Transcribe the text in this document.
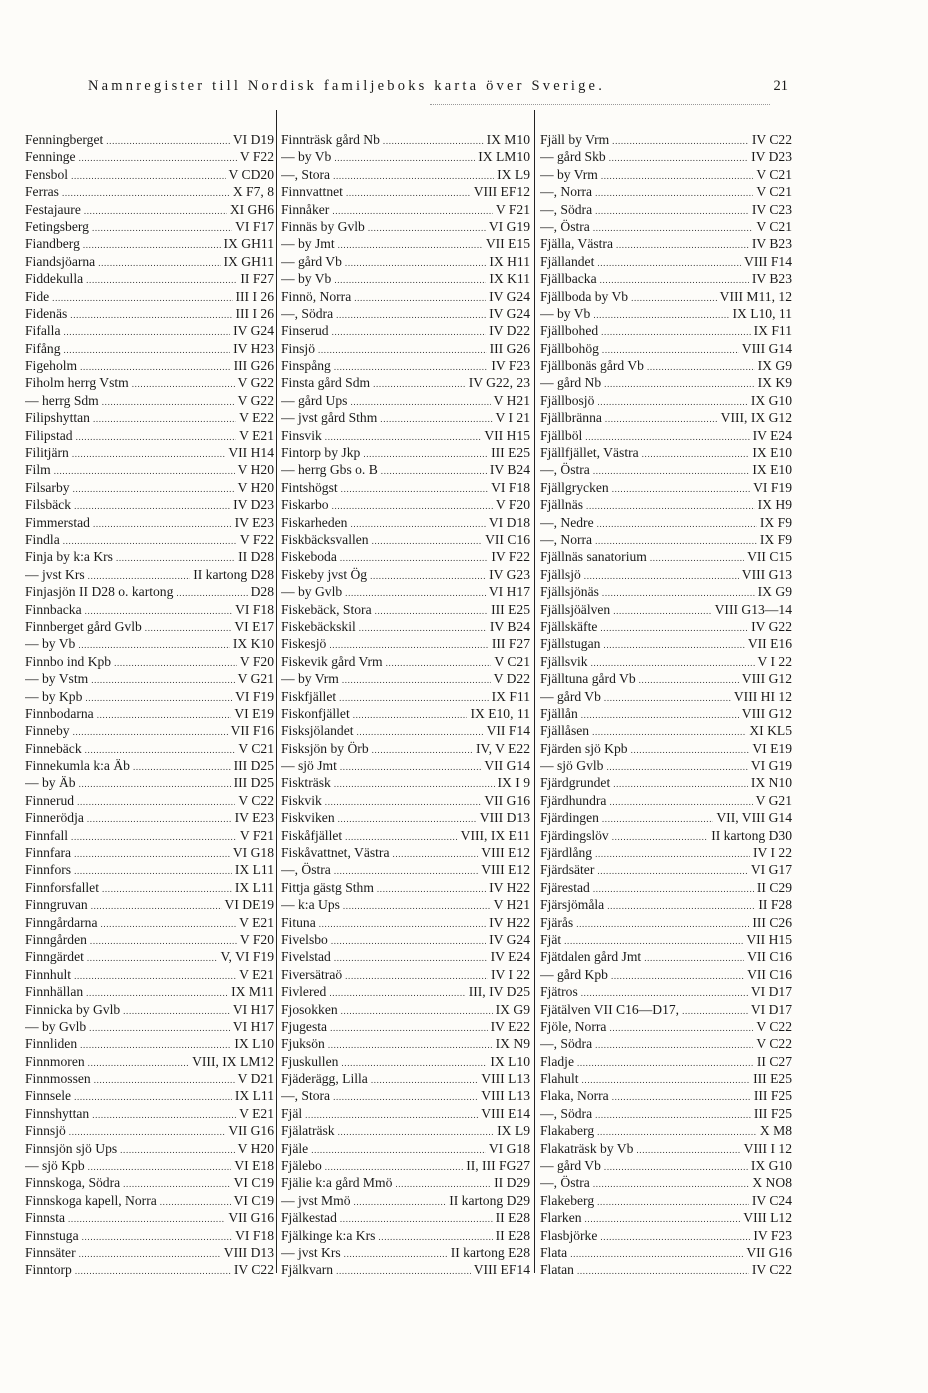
Namnregister till Nordisk familjeboks karta över Sverige.	21
Fenningberget . . .	VI D19
Fenninge . . .	V F22
Fensbol . . .	V CD20
Ferras . . .	X F7, 8
Festajaure . . .	XI GH6
Fetingsberg . . .	VI F17
Fiandberg . . .	IX GH11
Fiandsjöarna . . .	IX GH11
Fiddekulla . . .	II F27
Fide . . .	III I 26
Fidenäs . . .	III I 26
Fifalla . . .	IV G24
Fifång . . .	IV H23
Figeholm . . .	III G26
Fiholm herrg Vstm . . .	V G22
— herrg Sdm . . .	V G22
Filipshyttan . . .	V E22
Filipstad . . .	V E21
Filitjärn . . .	VII H14
Film . . .	V H20
Filsarby . . .	V H20
Filsbäck . . .	IV D23
Fimmerstad . . .	IV E23
Findla . . .	V F22
Finja by k:a Krs . . .	II D28
— jvst Krs . . .	II kartong D28
Finjasjön II D28 o. kartong . . .	D28
Finnbacka . . .	VI F18
Finnberget gård Gvlb . . .	VI E17
— by Vb . . .	IX K10
Finnbo ind Kpb . . .	V F20
— by Vstm . . .	V G21
— by Kpb . . .	VI F19
Finnbodarna . . .	VI E19
Finneby . . .	VII F16
Finnebäck . . .	V C21
Finnekumla k:a Äb . . .	III D25
— by Äb . . .	III D25
Finnerud . . .	V C22
Finnerödja . . .	IV E23
Finnfall . . .	V F21
Finnfara . . .	VI G18
Finnfors . . .	IX L11
Finnforsfallet . . .	IX L11
Finngruvan . . .	VI DE19
Finngårdarna . . .	V E21
Finngården . . .	V F20
Finngärdet . . .	V, VI F19
Finnhult . . .	V E21
Finnhällan . . .	IX M11
Finnicka by Gvlb . . .	VI H17
— by Gvlb . . .	VI H17
Finnliden . . .	IX L10
Finnmoren . . .	VIII, IX LM12
Finnmossen . . .	V D21
Finnsele . . .	IX L11
Finnshyttan . . .	V E21
Finnsjö . . .	VII G16
Finnsjön sjö Ups . . .	V H20
— sjö Kpb . . .	VI E18
Finnskoga, Södra . . .	VI C19
Finnskoga kapell, Norra . . .	VI C19
Finnsta . . .	VII G16
Finnstuga . . .	VI F18
Finnsäter . . .	VIII D13
Finntorp . . .	IV C22
Finnträsk gård Nb . . .	IX M10
— by Vb . . .	IX LM10
—, Stora . . .	IX L9
Finnvattnet . . .	VIII EF12
Finnåker . . .	V F21
Finnäs by Gvlb . . .	VI G19
— by Jmt . . .	VII E15
— gård Vb . . .	IX H11
— by Vb . . .	IX K11
Finnö, Norra . . .	IV G24
—, Södra . . .	IV G24
Finserud . . .	IV D22
Finsjö . . .	III G26
Finspång . . .	IV F23
Finsta gård Sdm . . .	IV G22, 23
— gård Ups . . .	V H21
— jvst gård Sthm . . .	V I 21
Finsvik . . .	VII H15
Fintorp by Jkp . . .	III E25
— herrg Gbs o. B . . .	IV B24
Fintshögst . . .	VI F18
Fiskarbo . . .	V F20
Fiskarheden . . .	VI D18
Fiskbäcksvallen . . .	VII C16
Fiskeboda . . .	IV F22
Fiskeby jvst Ög . . .	IV G23
— by Gvlb . . .	VI H17
Fiskebäck, Stora . . .	III E25
Fiskebäckskil . . .	IV B24
Fiskesjö . . .	III F27
Fiskevik gård Vrm . . .	V C21
— by Vrm . . .	V D22
Fiskfjället . . .	IX F11
Fiskonfjället . . .	IX E10, 11
Fisksjölandet . . .	VII F14
Fisksjön by Örb . . .	IV, V E22
— sjö Jmt . . .	VII G14
Fiskträsk . . .	IX I 9
Fiskvik . . .	VII G16
Fiskviken . . .	VIII D13
Fiskåfjället . . .	VIII, IX E11
Fiskåvattnet, Västra . . .	VIII E12
—, Östra . . .	VIII E12
Fittja gästg Sthm . . .	IV H22
— k:a Ups . . .	V H21
Fituna . . .	IV H22
Fivelsbo . . .	IV G24
Fivelstad . . .	IV E24
Fiversätraö . . .	IV I 22
Fivlered . . .	III, IV D25
Fjosokken . . .	IX G9
Fjugesta . . .	IV E22
Fjuksön . . .	IX N9
Fjuskullen . . .	IX L10
Fjäderägg, Lilla . . .	VIII L13
—, Stora . . .	VIII L13
Fjäl . . .	VIII E14
Fjälaträsk . . .	IX L9
Fjäle . . .	VI G18
Fjälebo . . .	II, III FG27
Fjälie k:a gård Mmö . . .	II D29
— jvst Mmö . . .	II kartong D29
Fjälkestad . . .	II E28
Fjälkinge k:a Krs . . .	II E28
— jvst Krs . . .	II kartong E28
Fjälkvarn . . .	VIII EF14
Fjäll by Vrm . . .	IV C22
— gård Skb . . .	IV D23
— by Vrm . . .	V C21
—, Norra . . .	V C21
—, Södra . . .	IV C23
—, Östra . . .	V C21
Fjälla, Västra . . .	IV B23
Fjällandet . . .	VIII F14
Fjällbacka . . .	IV B23
Fjällboda by Vb . . .	VIII M11, 12
— by Vb . . .	IX L10, 11
Fjällbohed . . .	IX F11
Fjällbohög . . .	VIII G14
Fjällbonäs gård Vb . . .	IX G9
— gård Nb . . .	IX K9
Fjällbosjö . . .	IX G10
Fjällbränna . . .	VIII, IX G12
Fjällböl . . .	IV E24
Fjällfjället, Västra . . .	IX E10
—, Östra . . .	IX E10
Fjällgrycken . . .	VI F19
Fjällnäs . . .	IX H9
—, Nedre . . .	IX F9
—, Norra . . .	IX F9
Fjällnäs sanatorium . . .	VII C15
Fjällsjö . . .	VIII G13
Fjällsjönäs . . .	IX G9
Fjällsjöälven . . .	VIII G13—14
Fjällskäfte . . .	IV G22
Fjällstugan . . .	VII E16
Fjällsvik . . .	V I 22
Fjälltuna gård Vb . . .	VIII G12
— gård Vb . . .	VIII HI 12
Fjällån . . .	VIII G12
Fjällåsen . . .	XI KL5
Fjärden sjö Kpb . . .	VI E19
— sjö Gvlb . . .	VI G19
Fjärdgrundet . . .	IX N10
Fjärdhundra . . .	V G21
Fjärdingen . . .	VII, VIII G14
Fjärdingslöv . . .	II kartong D30
Fjärdlång . . .	IV I 22
Fjärdsäter . . .	VI G17
Fjärestad . . .	II C29
Fjärsjömåla . . .	II F28
Fjärås . . .	III C26
Fjät . . .	VII H15
Fjätdalen gård Jmt . . .	VII C16
— gård Kpb . . .	VII C16
Fjätros . . .	VI D17
Fjätälven VII C16—D17, . . .	VI D17
Fjöle, Norra . . .	V C22
—, Södra . . .	V C22
Fladje . . .	II C27
Flahult . . .	III E25
Flaka, Norra . . .	III F25
—, Södra . . .	III F25
Flakaberg . . .	X M8
Flakaträsk by Vb . . .	VIII I 12
— gård Vb . . .	IX G10
—, Östra . . .	X NO8
Flakeberg . . .	IV C24
Flarken . . .	VIII L12
Flasbjörke . . .	IV F23
Flata . . .	VII G16
Flatan . . .	IV C22
